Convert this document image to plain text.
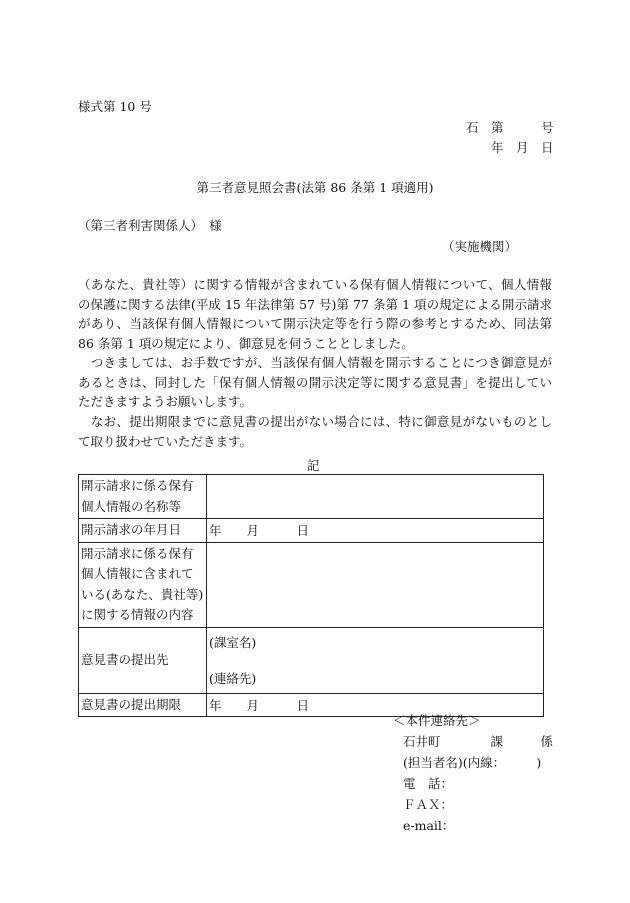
様式第 10 号
石　第　　　号
年　月　日
第三者意見照会書(法第 86 条第 1 項適用)
（第三者利害関係人）　様
（実施機関）
（あなた、貴社等）に関する情報が含まれている保有個人情報について、個人情報の保護に関する法律(平成 15 年法律第 57 号)第 77 条第 1 項の規定による開示請求があり、当該保有個人情報について開示決定等を行う際の参考とするため、同法第 86 条第 1 項の規定により、御意見を伺うこととしました。
　つきましては、お手数ですが、当該保有個人情報を開示することにつき御意見があるときは、同封した「保有個人情報の開示決定等に関する意見書」を提出していただきますようお願いします。
　なお、提出期限までに意見書の提出がない場合には、特に御意見がないものとして取り扱わせていただきます。
記
開示請求に係る保有個人情報の名称等	
開示請求の年月日	年　　月　　　日
開示請求に係る保有個人情報に含まれている(あなた、貴社等)に関する情報の内容	
意見書の提出先	(課室名)
(連絡先)

意見書の提出期限	年　　月　　　日
＜本件連絡先＞
石井町　　　　課　　　係
(担当者名)(内線：　　　)
電　話：
ＦＡＸ：
e-mail：
